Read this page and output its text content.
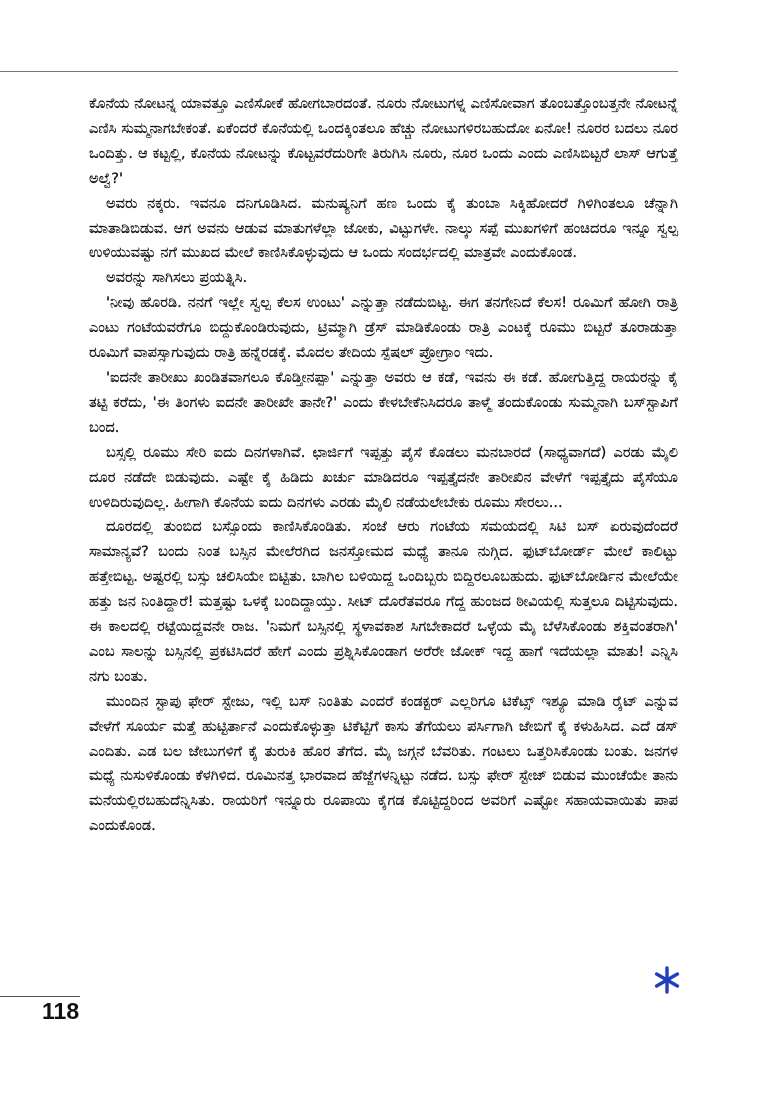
ಕೊನೆಯ ನೋಟನ್ನ ಯಾವತ್ತೂ ಎಣಿಸೋಕೆ ಹೋಗಬಾರದಂತೆ. ನೂರು ನೋಟುಗಳ್ನ ಎಣಿಸೋವಾಗ ತೊಂಬತ್ತೊಂಬತ್ತನೇ ನೋಟನ್ನೆ ಎಣಿಸಿ ಸುಮ್ಮನಾಗಬೇಕಂತೆ. ಏಕೆಂದರೆ ಕೊನೆಯಲ್ಲಿ ಒಂದಕ್ಕಿಂತಲೂ ಹೆಚ್ಚು ನೋಟುಗಳಿರಬಹುದೋ ಏನೋ! ನೂರರ ಬದಲು ನೂರ ಒಂದಿತ್ತು. ಆ ಕಟ್ಟಲ್ಲಿ, ಕೊನೆಯ ನೋಟನ್ನು ಕೊಟ್ಟವರೆದುರಿಗೇ ತಿರುಗಿಸಿ ನೂರು, ನೂರ ಒಂದು ಎಂದು ಎಣಿಸಿಬಿಟ್ಟರೆ ಲಾಸ್ ಆಗುತ್ತೆ ಅಲ್ವೆ?'

ಅವರು ನಕ್ಕರು. ಇವನೂ ದನಿಗೂಡಿಸಿದ. ಮನುಷ್ಯನಿಗೆ ಹಣ ಒಂದು ಕೈ ತುಂಬಾ ಸಿಕ್ಕಿಹೋದರೆ ಗಿಳಿಗಿಂತಲೂ ಚೆನ್ನಾಗಿ ಮಾತಾಡಿಬಿಡುವ. ಆಗ ಅವನು ಆಡುವ ಮಾತುಗಳೆಲ್ಲಾ ಜೋಕು, ವಿಟ್ಟುಗಳೇ. ನಾಲ್ಕು ಸಪ್ಪೆ ಮುಖಗಳಿಗೆ ಹಂಚಿದರೂ ಇನ್ನೂ ಸ್ವಲ್ಪ ಉಳಿಯುವಷ್ಟು ನಗೆ ಮುಖದ ಮೇಲೆ ಕಾಣಿಸಿಕೊಳ್ಳುವುದು ಆ ಒಂದು ಸಂದರ್ಭದಲ್ಲಿ ಮಾತ್ರವೇ ಎಂದುಕೊಂಡ.

ಅವರನ್ನು ಸಾಗಿಸಲು ಪ್ರಯತ್ನಿಸಿ.

'ನೀವು ಹೊರಡಿ. ನನಗೆ ಇಲ್ಲೇ ಸ್ವಲ್ಪ ಕೆಲಸ ಉಂಟು' ಎನ್ನುತ್ತಾ ನಡೆದುಬಿಟ್ಟ. ಈಗ ತನಗೇನಿದೆ ಕೆಲಸ! ರೂಮಿಗೆ ಹೋಗಿ ರಾತ್ರಿ ಎಂಟು ಗಂಟೆಯವರೆಗೂ ಬಿದ್ದುಕೊಂಡಿರುವುದು, ಟ್ರಿಮ್ಮಾಗಿ ಡ್ರೆಸ್ ಮಾಡಿಕೊಂಡು ರಾತ್ರಿ ಎಂಟಕ್ಕೆ ರೂಮು ಬಿಟ್ಟರೆ ತೂರಾಡುತ್ತಾ ರೂಮಿಗೆ ವಾಪಸ್ಸಾಗುವುದು ರಾತ್ರಿ ಹನ್ನೆರಡಕ್ಕೆ. ಮೊದಲ ತೇದಿಯ ಸ್ಪೆಷಲ್ ಪ್ರೋಗ್ರಾಂ ಇದು.

'ಐದನೇ ತಾರೀಖು ಖಂಡಿತವಾಗಲೂ ಕೊಡ್ತೀನಪ್ಪಾ' ಎನ್ನುತ್ತಾ ಅವರು ಆ ಕಡೆ, ಇವನು ಈ ಕಡೆ. ಹೋಗುತ್ತಿದ್ದ ರಾಯರನ್ನು ಕೈ ತಟ್ಟಿ ಕರೆದು, 'ಈ ತಿಂಗಳು ಐದನೇ ತಾರೀಖೇ ತಾನೇ?' ಎಂದು ಕೇಳಬೇಕೆನಿಸಿದರೂ ತಾಳ್ಮೆ ತಂದುಕೊಂಡು ಸುಮ್ಮನಾಗಿ ಬಸ್‌ಸ್ಟಾಪಿಗೆ ಬಂದ.

ಬಸ್ಸಲ್ಲಿ ರೂಮು ಸೇರಿ ಐದು ದಿನಗಳಾಗಿವೆ. ಛಾರ್ಜಿಗೆ ಇಪ್ಪತ್ತು ಪೈಸೆ ಕೊಡಲು ಮನಬಾರದೆ (ಸಾಧ್ಯವಾಗದೆ) ಎರಡು ಮೈಲಿ ದೂರ ನಡೆದೇ ಬಿಡುವುದು. ಎಷ್ಟೇ ಕೈ ಹಿಡಿದು ಖರ್ಚು ಮಾಡಿದರೂ ಇಪ್ಪತ್ತೈದನೇ ತಾರೀಖಿನ ವೇಳೆಗೆ ಇಪ್ಪತ್ತೈದು ಪೈಸೆಯೂ ಉಳಿದಿರುವುದಿಲ್ಲ. ಹೀಗಾಗಿ ಕೊನೆಯ ಐದು ದಿನಗಳು ಎರಡು ಮೈಲಿ ನಡೆಯಲೇಬೇಕು ರೂಮು ಸೇರಲು...

ದೂರದಲ್ಲಿ ತುಂಬಿದ ಬಸ್ಸೊಂದು ಕಾಣಿಸಿಕೊಂಡಿತು. ಸಂಜೆ ಆರು ಗಂಟೆಯ ಸಮಯದಲ್ಲಿ ಸಿಟಿ ಬಸ್ ಏರುವುದೆಂದರೆ ಸಾಮಾನ್ಯವೆ? ಬಂದು ನಿಂತ ಬಸ್ಸಿನ ಮೇಲೆರಗಿದ ಜನಸ್ತೋಮದ ಮಧ್ಯೆ ತಾನೂ ನುಗ್ಗಿದ. ಫುಟ್‌ಬೋರ್ಡ್ ಮೇಲೆ ಕಾಲಿಟ್ಟು ಹತ್ತೇಬಿಟ್ಟ. ಅಷ್ಟರಲ್ಲಿ ಬಸ್ಸು ಚಲಿಸಿಯೇ ಬಿಟ್ಟಿತು. ಬಾಗಿಲ ಬಳಿಯಿದ್ದ ಒಂದಿಬ್ಬರು ಬಿದ್ದಿರಲೂಬಹುದು. ಫುಟ್‌ಬೋರ್ಡಿನ ಮೇಲೆಯೇ ಹತ್ತು ಜನ ನಿಂತಿದ್ದಾರೆ! ಮತ್ತಷ್ಟು ಒಳಕ್ಕೆ ಬಂದಿದ್ದಾಯ್ತು. ಸೀಟ್ ದೊರೆತವರೂ ಗೆದ್ದ ಹುಂಜದ ಠೀವಿಯಲ್ಲಿ ಸುತ್ತಲೂ ದಿಟ್ಟಿಸುವುದು. ಈ ಕಾಲದಲ್ಲಿ ರಟ್ಟೆಯಿದ್ದವನೇ ರಾಜ. 'ನಿಮಗೆ ಬಸ್ಸಿನಲ್ಲಿ ಸ್ಥಳಾವಕಾಶ ಸಿಗಬೇಕಾದರೆ ಒಳ್ಳೆಯ ಮೈ ಬೆಳೆಸಿಕೊಂಡು ಶಕ್ತಿವಂತರಾಗಿ' ಎಂಬ ಸಾಲನ್ನು ಬಸ್ಸಿನಲ್ಲಿ ಪ್ರಕಟಿಸಿದರೆ ಹೇಗೆ ಎಂದು ಪ್ರಶ್ನಿಸಿಕೊಂಡಾಗ ಅರೆರೇ ಜೋಕ್ ಇದ್ದ ಹಾಗೆ ಇದೆಯಲ್ಲಾ ಮಾತು! ಎನ್ನಿಸಿ ನಗು ಬಂತು.

ಮುಂದಿನ ಸ್ಟಾಪು ಫೇರ್ ಸ್ಟೇಜು, ಇಲ್ಲಿ ಬಸ್ ನಿಂತಿತು ಎಂದರೆ ಕಂಡಕ್ಟರ್ ಎಲ್ಲರಿಗೂ ಟಿಕೆಟ್ಸ್ ಇಶ್ಯೂ ಮಾಡಿ ರೈಟ್ ಎನ್ನುವ ವೇಳೆಗೆ ಸೂರ್ಯ ಮತ್ತೆ ಹುಟ್ಟಿರ್ತಾನೆ ಎಂದುಕೊಳ್ಳುತ್ತಾ ಟಿಕೆಟ್ಟಿಗೆ ಕಾಸು ತೆಗೆಯಲು ಪರ್ಸಿಗಾಗಿ ಜೇಬಿಗೆ ಕೈ ಕಳುಹಿಸಿದ. ಎದೆ ಡಸ್ ಎಂದಿತು. ಎಡ ಬಲ ಜೇಬುಗಳಿಗೆ ಕೈ ತುರುಕಿ ಹೊರ ತೆಗೆದ. ಮೈ ಜಗ್ಗನೆ ಬೆವರಿತು. ಗಂಟಲು ಒತ್ತರಿಸಿಕೊಂಡು ಬಂತು. ಜನಗಳ ಮಧ್ಯೆ ನುಸುಳಿಕೊಂಡು ಕೆಳಗಿಳಿದ. ರೂಮಿನತ್ತ ಭಾರವಾದ ಹೆಜ್ಜೆಗಳನ್ನಿಟ್ಟು ನಡೆದ. ಬಸ್ಸು ಫೇರ್ ಸ್ಟೇಜ್ ಬಿಡುವ ಮುಂಚೆಯೇ ತಾನು ಮನೆಯಲ್ಲಿರಬಹುದೆನ್ನಿಸಿತು. ರಾಯರಿಗೆ ಇನ್ನೂರು ರೂಪಾಯಿ ಕೈಗಡ ಕೊಟ್ಟಿದ್ದರಿಂದ ಅವರಿಗೆ ಎಷ್ಟೋ ಸಹಾಯವಾಯಿತು ಪಾಪ ಎಂದುಕೊಂಡ.

118
